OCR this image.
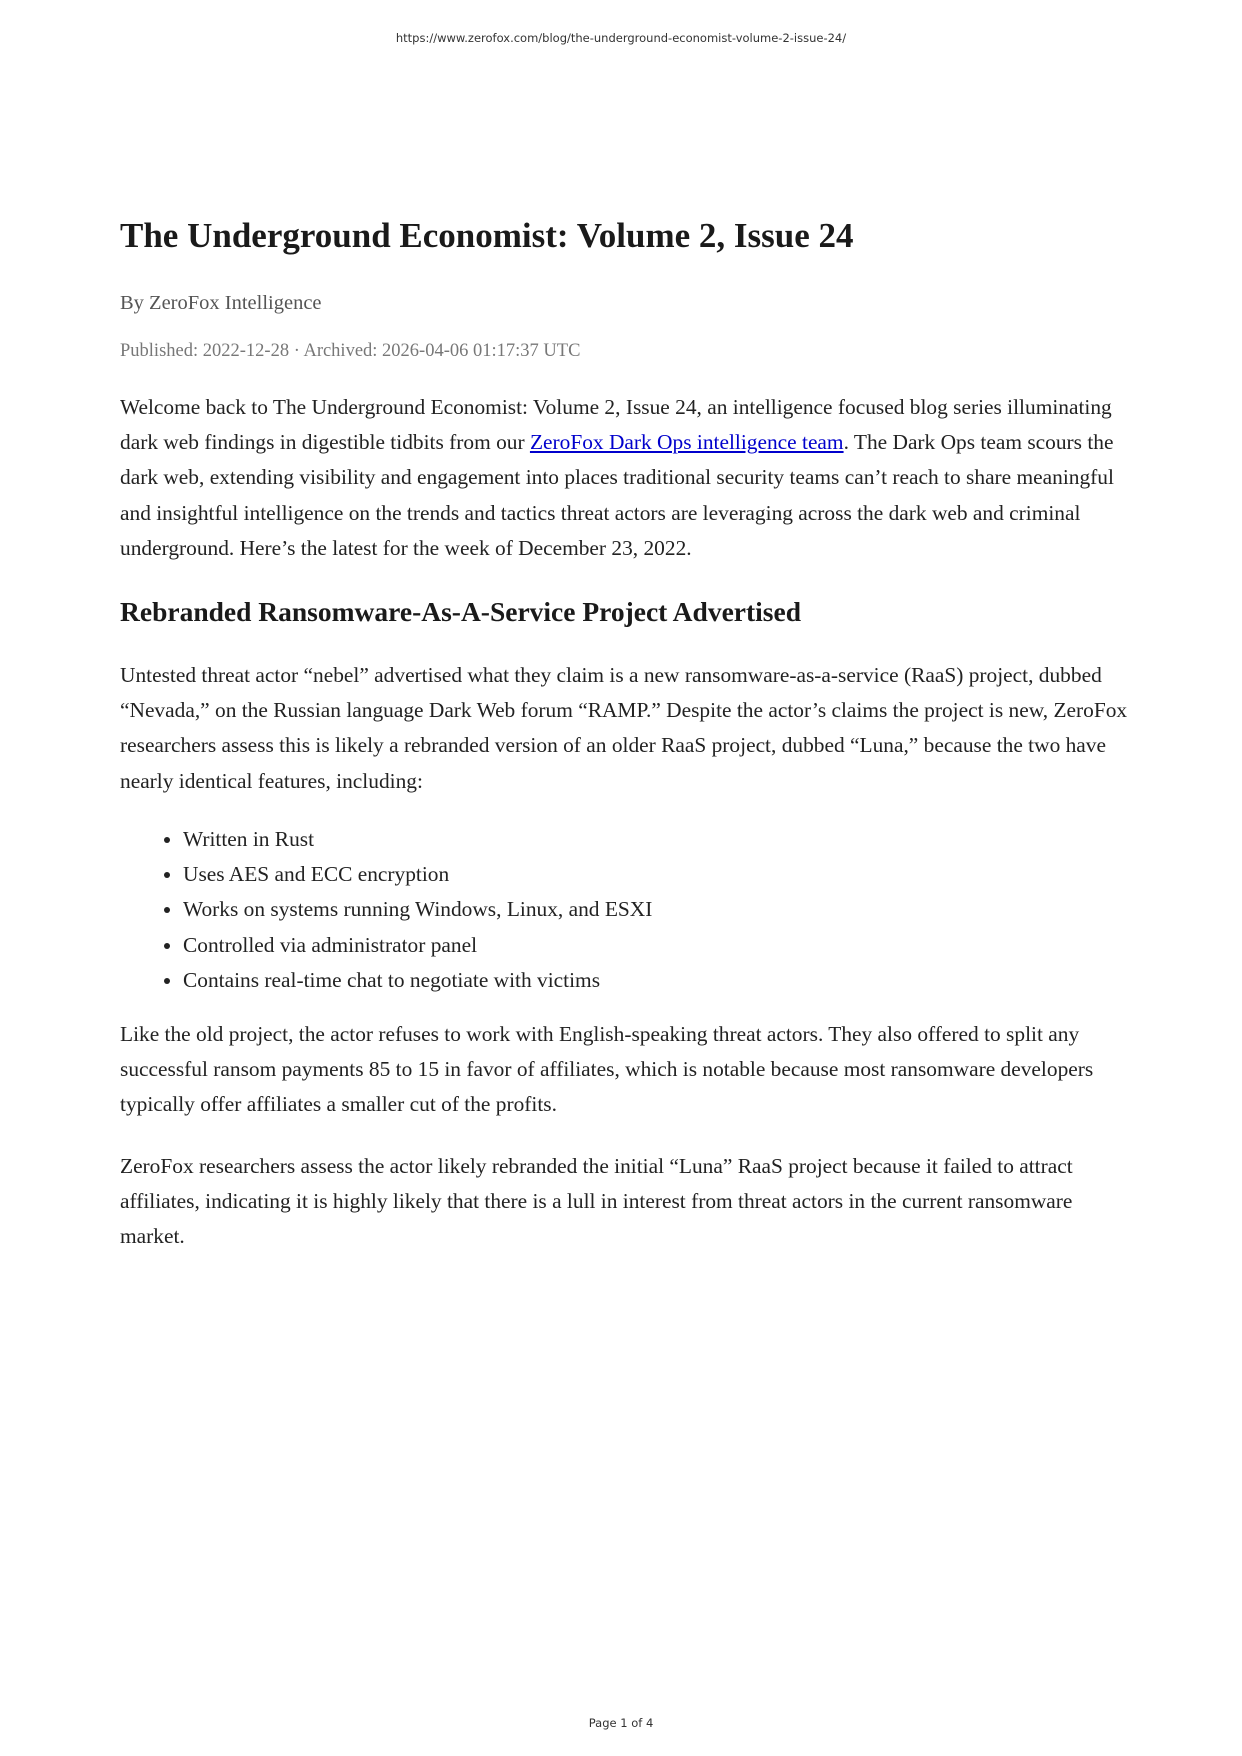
https://www.zerofox.com/blog/the-underground-economist-volume-2-issue-24/
The Underground Economist: Volume 2, Issue 24
By ZeroFox Intelligence
Published: 2022-12-28 · Archived: 2026-04-06 01:17:37 UTC

Welcome back to The Underground Economist: Volume 2, Issue 24, an intelligence focused blog series illuminating dark web findings in digestible tidbits from our ZeroFox Dark Ops intelligence team. The Dark Ops team scours the dark web, extending visibility and engagement into places traditional security teams can’t reach to share meaningful and insightful intelligence on the trends and tactics threat actors are leveraging across the dark web and criminal underground. Here’s the latest for the week of December 23, 2022.

Rebranded Ransomware-As-A-Service Project Advertised

Untested threat actor “nebel” advertised what they claim is a new ransomware-as-a-service (RaaS) project, dubbed “Nevada,” on the Russian language Dark Web forum “RAMP.” Despite the actor’s claims the project is new, ZeroFox researchers assess this is likely a rebranded version of an older RaaS project, dubbed “Luna,” because the two have nearly identical features, including:

• Written in Rust
• Uses AES and ECC encryption
• Works on systems running Windows, Linux, and ESXI
• Controlled via administrator panel
• Contains real-time chat to negotiate with victims

Like the old project, the actor refuses to work with English-speaking threat actors. They also offered to split any successful ransom payments 85 to 15 in favor of affiliates, which is notable because most ransomware developers typically offer affiliates a smaller cut of the profits.

ZeroFox researchers assess the actor likely rebranded the initial “Luna” RaaS project because it failed to attract affiliates, indicating it is highly likely that there is a lull in interest from threat actors in the current ransomware market.

Page 1 of 4
